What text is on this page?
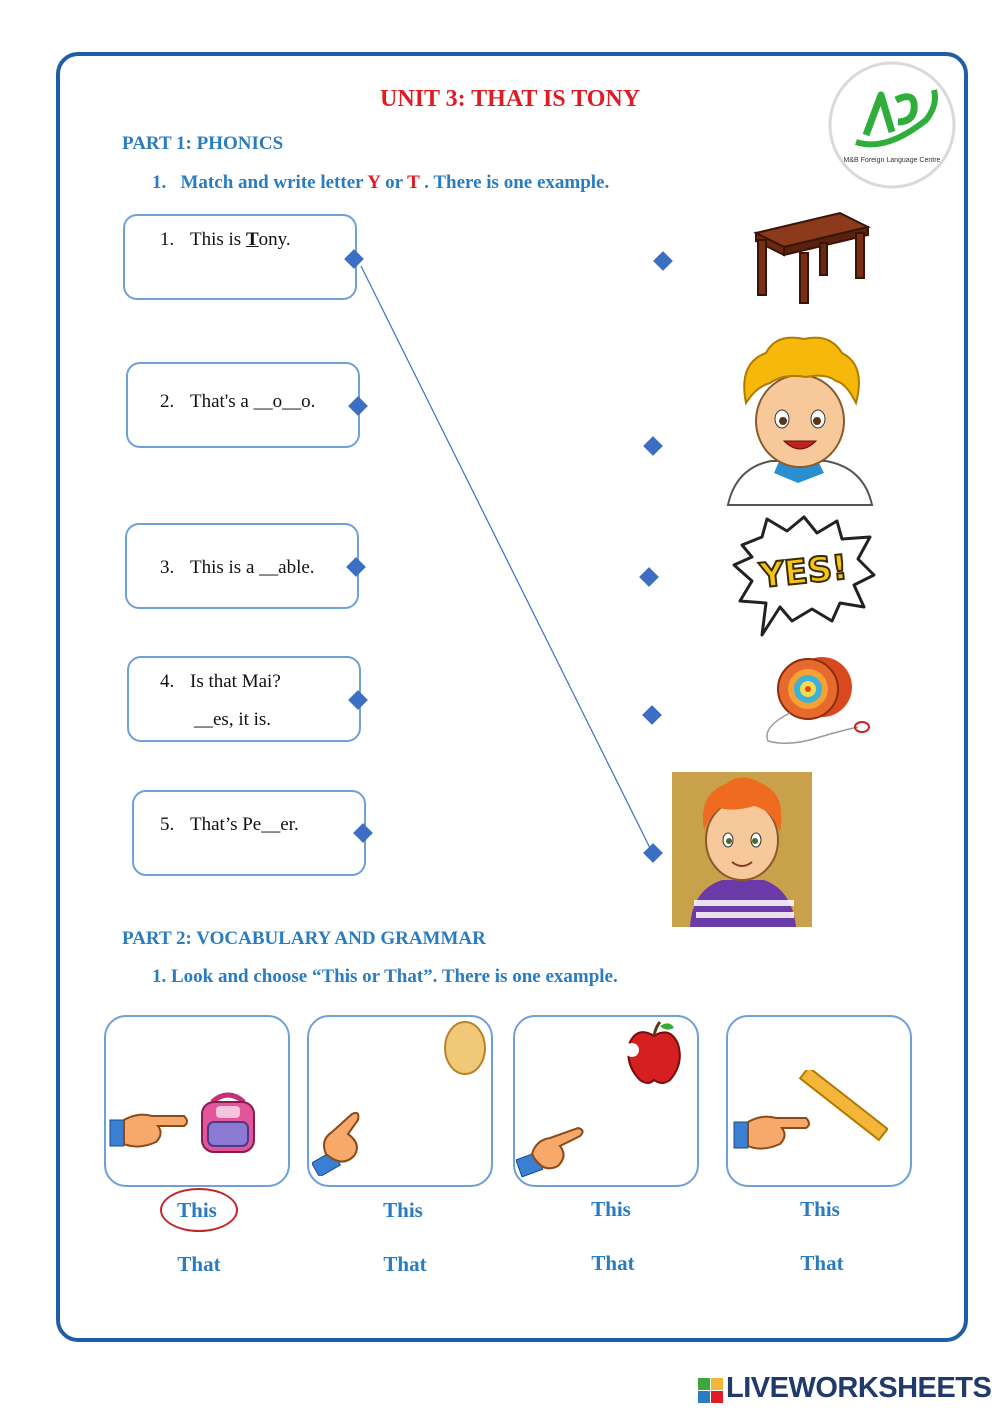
M&B Foreign Language Centre
UNIT 3: THAT IS TONY
PART 1: PHONICS
1. Match and write letter Y or T . There is one example.
1. This is Tony.
2. That's a __o__o.
3. This is a __able.
4. Is that Mai?
__es, it is.
5. That’s Pe__er.
YES!
PART 2: VOCABULARY AND GRAMMAR
1. Look and choose “This or That”. There is one example.
This
That
This
That
This
That
This
That
LIVEWORKSHEETS
